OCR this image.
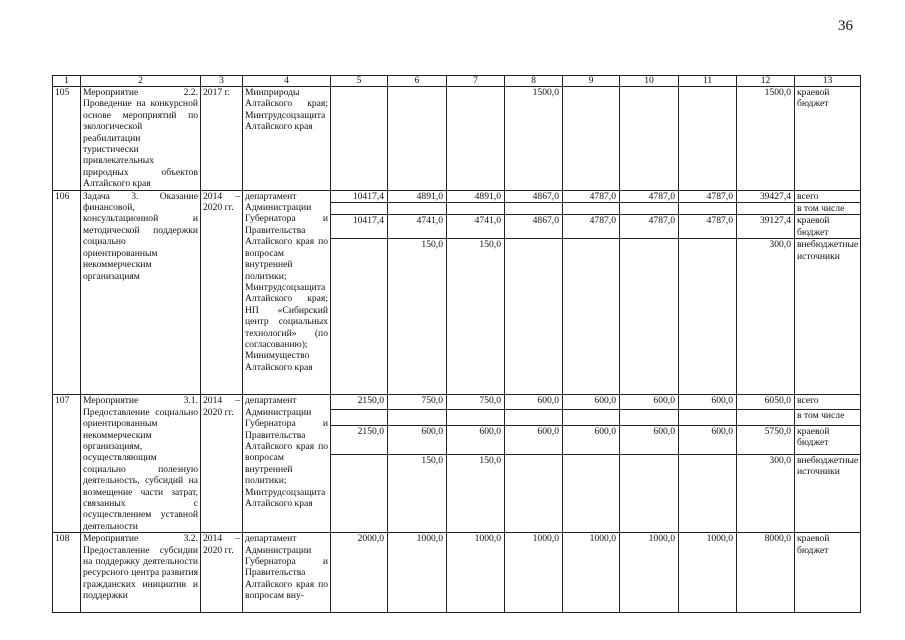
36
1	2	3	4	5	6	7	8	9	10	11	12	13
105	Мероприятие 2.2. Проведение на конкурсной основе мероприятий по экологической реабилитации туристически привлекательных природных объектов Алтайского края	2017 г.	Минприроды Алтайского края; Минтрудсоцзащита Алтайского края				1500,0				1500,0	краевой бюджет
106	Задача 3. Оказание финансовой, консультационной и методической поддержки социально ориентированным некоммерческим организациям	2014 – 2020 гг.	департамент Администрации Губернатора и Правительства Алтайского края по вопросам внутренней политики; Минтрудсоцзащита Алтайского края; НП «Сибирский центр социальных технологий» (по согласованию); Минимущество Алтайского края	10417,4	4891,0	4891,0	4867,0	4787,0	4787,0	4787,0	39427,4	всего
												в том числе
				10417,4	4741,0	4741,0	4867,0	4787,0	4787,0	4787,0	39127,4	краевой бюджет
					150,0	150,0					300,0	внебюджетные источники
107	Мероприятие 3.1. Предоставление социально ориентированным некоммерческим организациям, осуществляющим социально полезную деятельность, субсидий на возмещение части затрат, связанных с осуществлением уставной деятельности	2014 – 2020 гг.	департамент Администрации Губернатора и Правительства Алтайского края по вопросам внутренней политики; Минтрудсоцзащита Алтайского края	2150,0	750,0	750,0	600,0	600,0	600,0	600,0	6050,0	всего
												в том числе
				2150,0	600,0	600,0	600,0	600,0	600,0	600,0	5750,0	краевой бюджет
					150,0	150,0					300,0	внебюджетные источники
108	Мероприятие 3.2. Предоставление субсидии на поддержку деятельности ресурсного центра развития гражданских инициатив и поддержки	2014 – 2020 гг.	департамент Администрации Губернатора и Правительства Алтайского края по вопросам вну-	2000,0	1000,0	1000,0	1000,0	1000,0	1000,0	1000,0	8000,0	краевой бюджет
